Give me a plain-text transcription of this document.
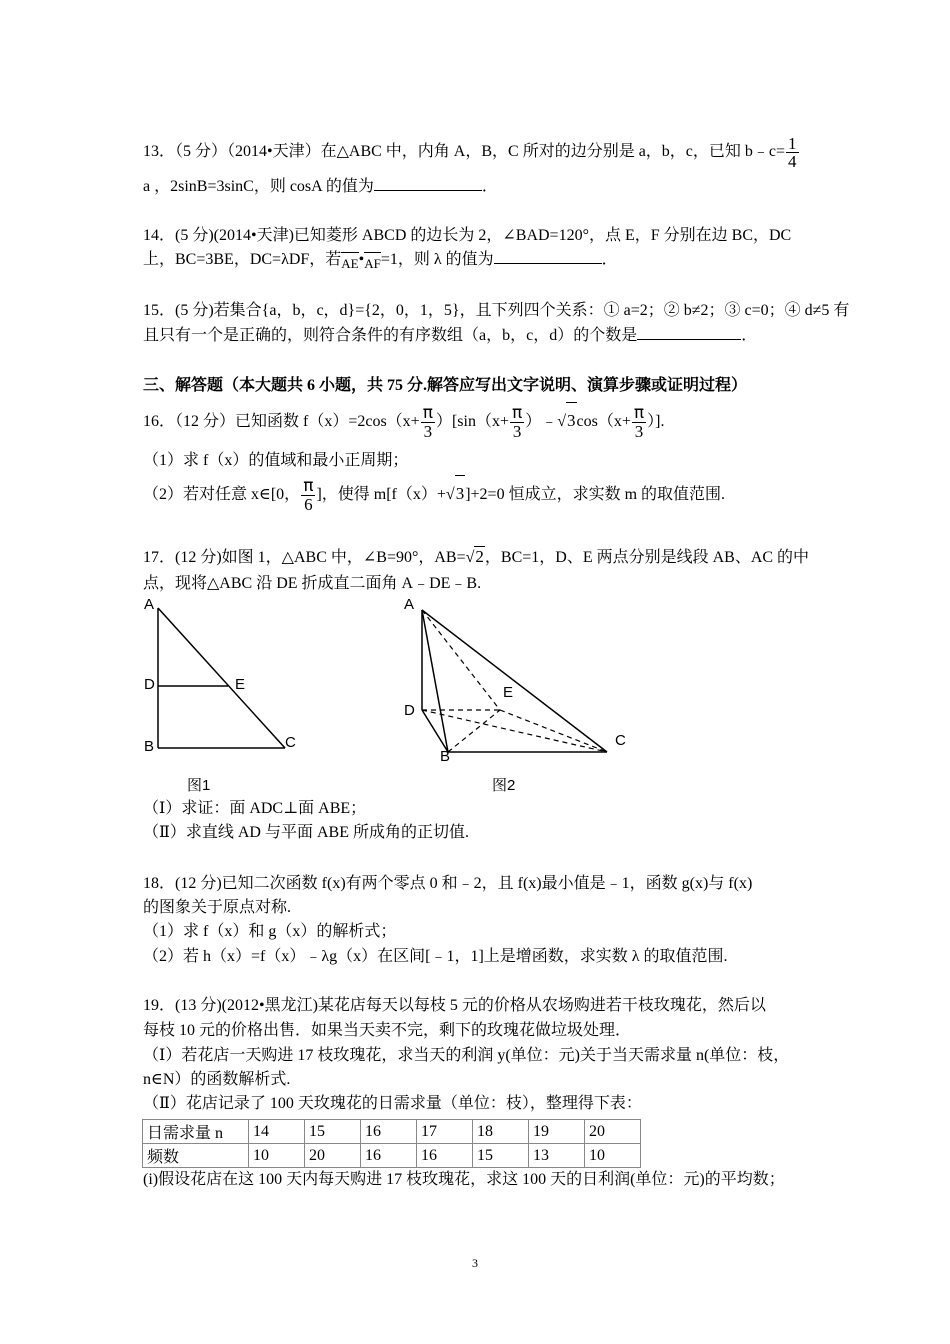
13．（5 分）（2014•天津）在△ABC 中，内角 A，B，C 所对的边分别是 a，b，c，已知 b﹣c= $\frac{1}{4}$
a ，2sinB=3sinC，则 cosA 的值为	．
14．(5 分)(2014•天津)已知菱形 ABCD 的边长为 2，∠BAD=120°，点 E，F 分别在边 BC，DC
上，BC=3BE，DC=λDF，若AE•AF=1，则 λ 的值为	．
15．(5 分)若集合{a，b，c，d}={2，0，1，5}，且下列四个关系：① a=2；② b≠2；③ c=0；④ d≠5 有
且只有一个是正确的，则符合条件的有序数组（a，b，c，d）的个数是	．
三、解答题（本大题共 6 小题，共 75 分.解答应写出文字说明、演算步骤或证明过程）
16．（12 分）已知函数 $f(x)=2\cos(x+ \frac{\pi}{3} )[\sin(x+ \frac{\pi}{3}$ ）﹣√3cos（x+ $\frac{\pi}{3}$ ）].
（1）求 f（x）的值域和最小正周期；
（2）若对任意 x∈[0， $\frac{\pi}{6}$ ]，使得 m[f（x）+√3]+2=0 恒成立，求实数 m 的取值范围.
17．(12 分)如图 1，△ABC 中，∠B=90°，AB=√2，BC=1，D、E 两点分别是线段 AB、AC 的中
点，现将△ABC 沿 DE 折成直二面角 A﹣DE﹣B.
A
D	E
B	C
图1
A
D
E
B
C
图2
（Ⅰ）求证：面 ADC⊥面 ABE；
（Ⅱ）求直线 AD 与平面 ABE 所成角的正切值.
18．(12 分)已知二次函数 f(x)有两个零点 0 和﹣2，且 f(x)最小值是﹣1，函数 g(x)与 f(x)
的图象关于原点对称.
（1）求 f（x）和 g（x）的解析式；
（2）若 h（x）=f（x）﹣λg（x）在区间[﹣1，1]上是增函数，求实数 λ 的取值范围.
19．(13 分)(2012•黑龙江)某花店每天以每枝 5 元的价格从农场购进若干枝玫瑰花，然后以
每枝 10 元的价格出售．如果当天卖不完，剩下的玫瑰花做垃圾处理．
（Ⅰ）若花店一天购进 17 枝玫瑰花，求当天的利润 y(单位：元)关于当天需求量 n(单位：枝，
n∈N）的函数解析式.
（Ⅱ）花店记录了 100 天玫瑰花的日需求量（单位：枝），整理得下表：
日需求量 n	14	15	16	17	18	19	20
频数	10	20	16	16	15	13	10
(i)假设花店在这 100 天内每天购进 17 枝玫瑰花，求这 100 天的日利润(单位：元)的平均数；
3
